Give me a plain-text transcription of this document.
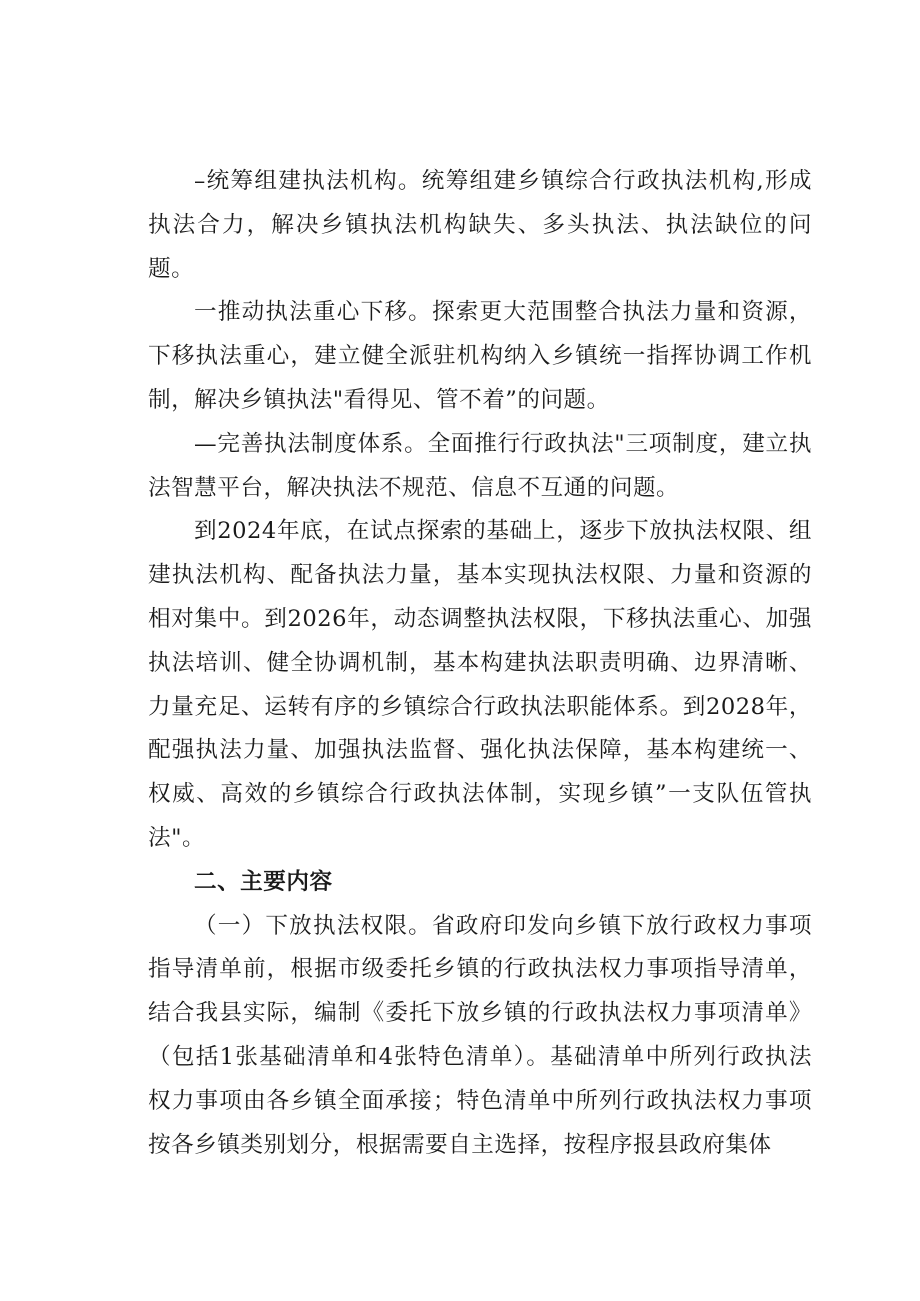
–统筹组建执法机构。统筹组建乡镇综合行政执法机构,形成执法合力，解决乡镇执法机构缺失、多头执法、执法缺位的问题。

一推动执法重心下移。探索更大范围整合执法力量和资源，下移执法重心，建立健全派驻机构纳入乡镇统一指挥协调工作机制，解决乡镇执法"看得见、管不着”的问题。

—完善执法制度体系。全面推行行政执法"三项制度，建立执法智慧平台，解决执法不规范、信息不互通的问题。

到2024年底，在试点探索的基础上，逐步下放执法权限、组建执法机构、配备执法力量，基本实现执法权限、力量和资源的相对集中。到2026年，动态调整执法权限，下移执法重心、加强执法培训、健全协调机制，基本构建执法职责明确、边界清晰、力量充足、运转有序的乡镇综合行政执法职能体系。到2028年，配强执法力量、加强执法监督、强化执法保障，基本构建统一、权威、高效的乡镇综合行政执法体制，实现乡镇”一支队伍管执法"。

二、主要内容

（一）下放执法权限。省政府印发向乡镇下放行政权力事项指导清单前，根据市级委托乡镇的行政执法权力事项指导清单，结合我县实际，编制《委托下放乡镇的行政执法权力事项清单》（包括1张基础清单和4张特色清单）。基础清单中所列行政执法权力事项由各乡镇全面承接；特色清单中所列行政执法权力事项按各乡镇类别划分，根据需要自主选择，按程序报县政府集体
